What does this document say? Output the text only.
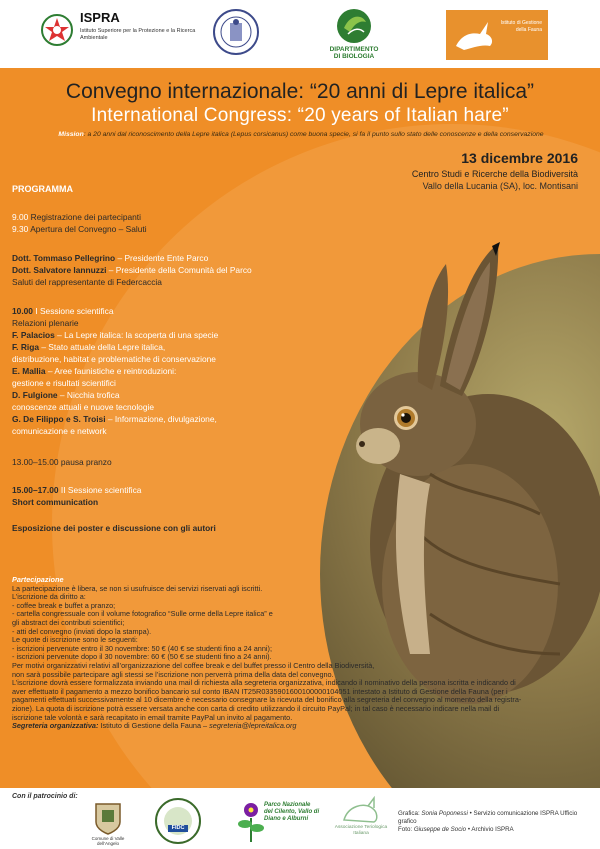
ISPRA
Istituto Superiore per la Protezione e la Ricerca Ambientale
DIPARTIMENTO DI BIOLOGIA
Istituto di Gestione della Fauna
Convegno internazionale: “20 anni di Lepre italica”
International Congress: “20 years of Italian hare”
Mission: a 20 anni dal riconoscimento della Lepre italica (Lepus corsicanus) come buona specie, si fa il punto sullo stato delle conoscenze e della conservazione
13 dicembre 2016
Centro Studi e Ricerche della Biodiversità
Vallo della Lucania (SA), loc. Montisani
PROGRAMMA
9.00 Registrazione dei partecipanti
9.30 Apertura del Convegno – Saluti
Dott. Tommaso Pellegrino – Presidente Ente Parco
Dott. Salvatore Iannuzzi – Presidente della Comunità del Parco
Saluti del rappresentante di Federcaccia
10.00 I Sessione scientifica
Relazioni plenarie
F. Palacios – La Lepre italica: la scoperta di una specie
F. Riga – Stato attuale della Lepre italica,
distribuzione, habitat e problematiche di conservazione
E. Mallia – Aree faunistiche e reintroduzioni:
gestione e risultati scientifici
D. Fulgione – Nicchia trofica
conoscenze attuali e nuove tecnologie
G. De Filippo e S. Troisi – Informazione, divulgazione,
comunicazione e network
13.00–15.00 pausa pranzo
15.00–17.00 II Sessione scientifica
Short communication
Esposizione dei poster e discussione con gli autori
Partecipazione
La partecipazione è libera, se non si usufruisce dei servizi riservati agli iscritti.
L’iscrizione da diritto a:
- coffee break e buffet a pranzo;
- cartella congressuale con il volume fotografico “Sulle orme della Lepre italica” e
gli abstract dei contributi scientifici;
- atti del convegno (inviati dopo la stampa).
Le quote di iscrizione sono le seguenti:
- iscrizioni pervenute entro il 30 novembre: 50 € (40 € se studenti fino a 24 anni);
- iscrizioni pervenute dopo il 30 novembre: 60 € (50 € se studenti fino a 24 anni).
Per motivi organizzativi relativi all’organizzazione del coffee break e del buffet presso il Centro della Biodiversità,
non sarà possibile partecipare agli stessi se l’iscrizione non perverrà prima della data del convegno.
L’iscrizione dovrà essere formalizzata inviando una mail di richiesta alla segreteria organizzativa, indicando il nominativo della persona iscritta e indicando di
aver effettuato il pagamento a mezzo bonifico bancario sul conto IBAN IT25R0335901600100000104051 intestato a Istituto di Gestione della Fauna (per i
pagamenti effettuati successivamente al 10 dicembre è necessario consegnare la ricevuta del bonifico alla segreteria del convegno al momento della registra-
zione). La quota di iscrizione potrà essere versata anche con carta di credito utilizzando il circuito PayPal; in tal caso è necessario indicare nella mail di
iscrizione tale volontà e sarà recapitato in email tramite PayPal un invito al pagamento.
Segreteria organizzativa: Istituto di Gestione della Fauna – segreteria@lepreitalica.org
Con il patrocinio di:
Comune di Valle dell’Angelo
FIDC
Parco Nazionale del Cilento, Vallo di Diano e Alburni
Associazione Teriologica Italiana
Grafica: Sonia Poponessi • Servizio comunicazione ISPRA Ufficio grafico
Foto: Giuseppe de Socio • Archivio ISPRA
